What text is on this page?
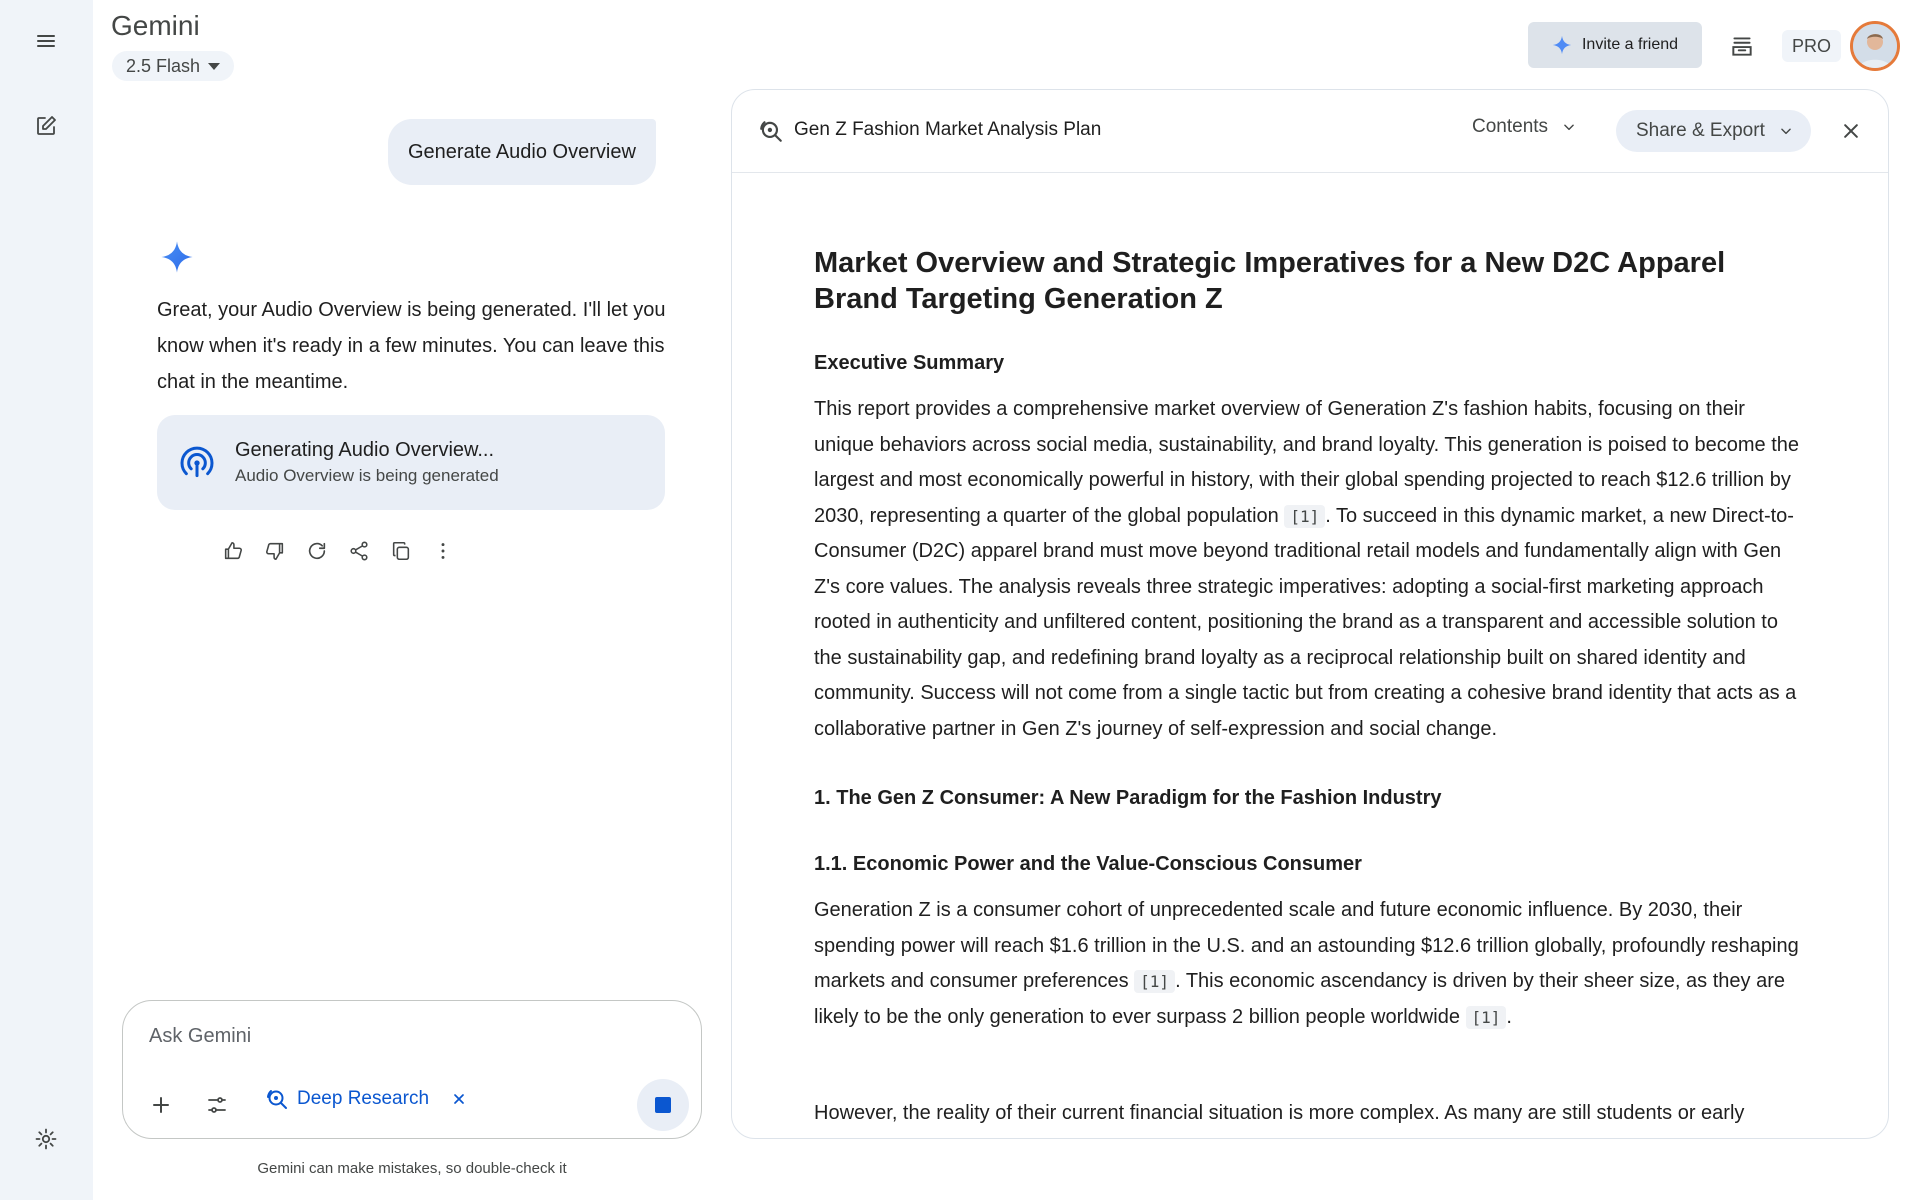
Gemini
2.5 Flash
Invite a friend	PRO
Generate Audio Overview
Great, your Audio Overview is being generated. I'll let you know when it's ready in a few minutes. You can leave this chat in the meantime.
Generating Audio Overview...
Audio Overview is being generated
Ask Gemini
Deep Research
Gemini can make mistakes, so double-check it
Gen Z Fashion Market Analysis Plan	Contents	Share & Export
Market Overview and Strategic Imperatives for a New D2C Apparel Brand Targeting Generation Z
Executive Summary

This report provides a comprehensive market overview of Generation Z's fashion habits, focusing on their unique behaviors across social media, sustainability, and brand loyalty. This generation is poised to become the largest and most economically powerful in history, with their global spending projected to reach $12.6 trillion by 2030, representing a quarter of the global population [1] . To succeed in this dynamic market, a new Direct-to-Consumer (D2C) apparel brand must move beyond traditional retail models and fundamentally align with Gen Z's core values. The analysis reveals three strategic imperatives: adopting a social-first marketing approach rooted in authenticity and unfiltered content, positioning the brand as a transparent and accessible solution to the sustainability gap, and redefining brand loyalty as a reciprocal relationship built on shared identity and community. Success will not come from a single tactic but from creating a cohesive brand identity that acts as a collaborative partner in Gen Z's journey of self-expression and social change.

1. The Gen Z Consumer: A New Paradigm for the Fashion Industry
1.1. Economic Power and the Value-Conscious Consumer

Generation Z is a consumer cohort of unprecedented scale and future economic influence. By 2030, their spending power will reach $1.6 trillion in the U.S. and an astounding $12.6 trillion globally, profoundly reshaping markets and consumer preferences [1] . This economic ascendancy is driven by their sheer size, as they are likely to be the only generation to ever surpass 2 billion people worldwide [1] .

However, the reality of their current financial situation is more complex. As many are still students or early
